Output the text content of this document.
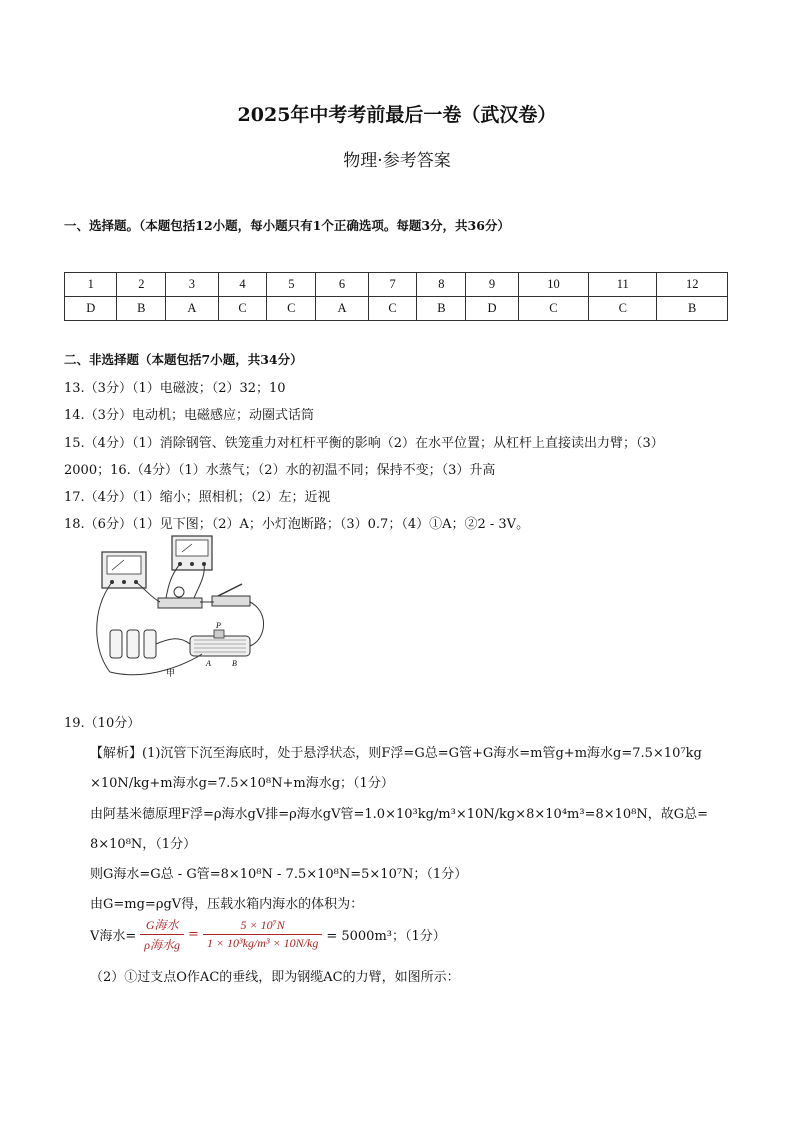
2025年中考考前最后一卷（武汉卷）
物理·参考答案
一、选择题。（本题包括12小题，每小题只有1个正确选项。每题3分，共36分）
1	2	3	4	5	6	7	8	9	10	11	12
D	B	A	C	C	A	C	B	D	C	C	B
二、非选择题（本题包括7小题，共34分）
13.（3分）（1）电磁波；（2）32；10
14.（3分）电动机；电磁感应；动圈式话筒
15.（4分）（1）消除钢管、铁笼重力对杠杆平衡的影响（2）在水平位置；从杠杆上直接读出力臂；（3）
2000；16.（4分）（1）水蒸气；（2）水的初温不同；保持不变；（3）升高
17.（4分）（1）缩小；照相机；（2）左；近视
18.（6分）（1）见下图；（2）A；小灯泡断路；（3）0.7；（4）①A；②2 - 3V。
P
A	B
甲
19.（10分）
【解析】(1)沉管下沉至海底时，处于悬浮状态，则F浮=G总=G管+G海水=m管g+m海水g=7.5×10⁷kg
×10N/kg+m海水g=7.5×10⁸N+m海水g；（1分）
由阿基米德原理F浮=ρ海水gV排=ρ海水gV管=1.0×10³kg/m³×10N/kg×8×10⁴m³=8×10⁸N，故G总=
8×10⁸N，（1分）
则G海水=G总 - G管=8×10⁸N - 7.5×10⁸N=5×10⁷N；（1分）
由G=mg=ρgV得，压载水箱内海水的体积为：
V海水= $\frac{\text{G海水}}{\text{ρ海水g}} = \frac{\text{5 × 10⁷N}}{\text{1 × 10³kg/m³ × 10N/kg}} = 5000m^3$；（1分）
（2）①过支点O作AC的垂线，即为钢缆AC的力臂，如图所示：
